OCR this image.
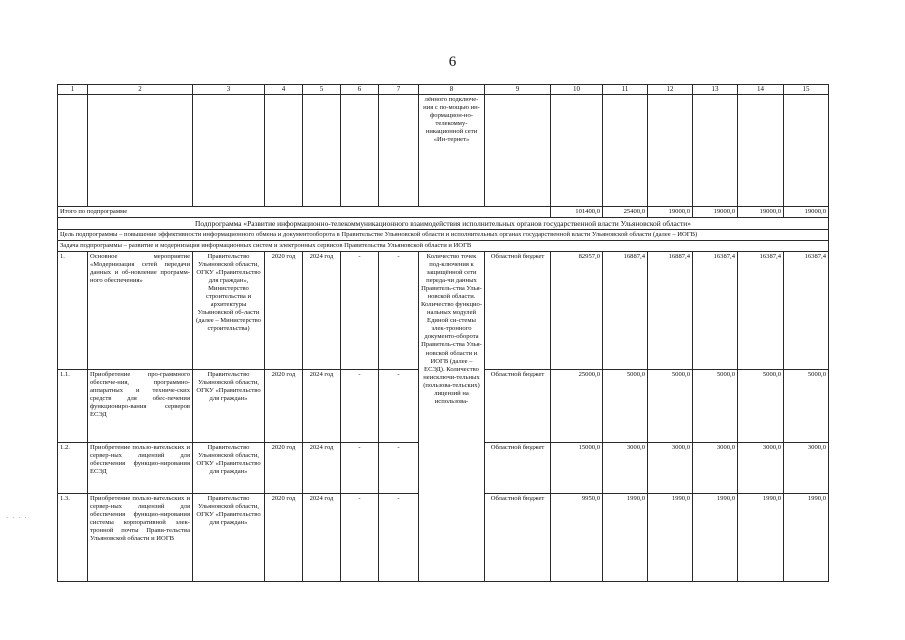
6
1	2	3	4	5	6	7	8	9	10	11	12	13	14	15
							лённого подключе-ния с по-мощью ин-формацион-но-телекомму-никационной сети «Ин-тернет»							
Итого по подпрограмме									101400,0	25400,0	19000,0	19000,0	19000,0	19000,0
Подпрограмма «Развитие информационно-телекоммуникационного взаимодействия исполнительных органов государственной власти Ульяновской области»														
Цель подпрограммы – повышение эффективности информационного обмена и документооборота в Правительстве Ульяновской области и исполнительных органах государственной власти Ульяновской области (далее – ИОГВ)														
Задача подпрограммы – развитие и модернизация информационных систем и электронных сервисов Правительства Ульяновской области и ИОГВ														
1.	Основное мероприятие «Модернизация сетей передачи данных и об-новление программ-ного обеспечения»	Правительство Ульяновской области, ОГКУ «Правительство для граждан», Министерство строительства и архитектуры Ульяновской об-ласти (далее – Министерство строительства)	2020 год	2024 год	-	-	Количество точек под-ключения к защищённой сети переда-чи данных Правитель-ства Улья-новской области. Количество функцио-нальных модулей Единой си-стемы элек-тронного документо-оборота Правитель-ства Улья-новской области и ИОГВ (далее – ЕСЭД). Количество неисключи-тельных (пользова-тельских) лицензий на использова-	Областной бюджет	82957,0	16887,4	16887,4	16387,4	16387,4	16387,4
1.1.	Приобретение про-граммного обеспече-ния, программно-аппаратных и техниче-ских средств для обес-печения функциониро-вания серверов ЕСЭД	Правительство Ульяновской области, ОГКУ «Правительство для граждан»	2020 год	2024 год	-	-		Областной бюджет	25000,0	5000,0	5000,0	5000,0	5000,0	5000,0
1.2.	Приобретение пользо-вательских и сервер-ных лицензий для обеспечения функцио-нирования ЕСЭД	Правительство Ульяновской области, ОГКУ «Правительство для граждан»	2020 год	2024 год	-	-		Областной бюджет	15000,0	3000,0	3000,0	3000,0	3000,0	3000,0
1.3.	Приобретение пользо-вательских и сервер-ных лицензий для обеспечения функцио-нирования системы корпоративной элек-тронной почты Прави-тельства Ульяновской области и ИОГВ	Правительство Ульяновской области, ОГКУ «Правительство для граждан»	2020 год	2024 год	-	-		Областной бюджет	9950,0	1990,0	1990,0	1990,0	1990,0	1990,0
· · · ·
